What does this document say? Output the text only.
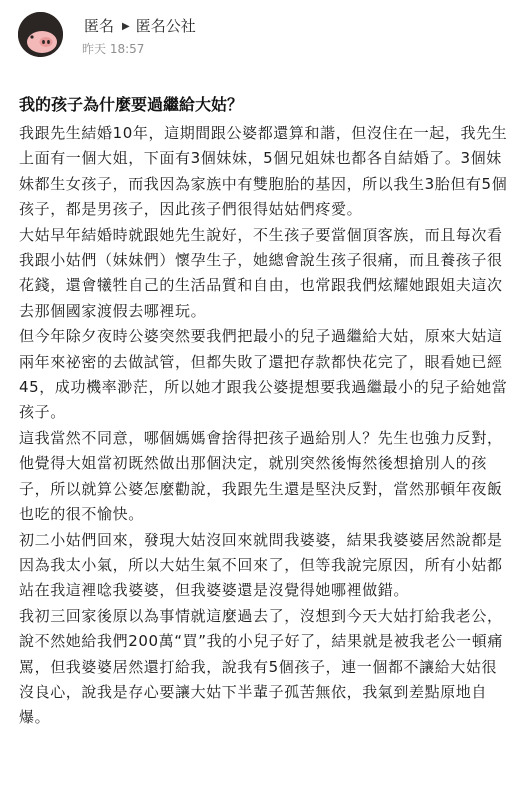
匿名 ▶ 匿名公社
昨天 18:57
我的孩子為什麼要過繼給大姑？

我跟先生結婚10年，這期間跟公婆都還算和諧，但沒住在一起，我先生上面有一個大姐，下面有3個妹妹，5個兄姐妹也都各自結婚了。3個妹妹都生女孩子，而我因為家族中有雙胞胎的基因，所以我生3胎但有5個孩子，都是男孩子，因此孩子們很得姑姑們疼愛。

大姑早年結婚時就跟她先生說好，不生孩子要當個頂客族，而且每次看我跟小姑們（妹妹們）懷孕生子，她總會說生孩子很痛，而且養孩子很花錢，還會犧牲自己的生活品質和自由，也常跟我們炫耀她跟姐夫這次去那個國家渡假去哪裡玩。

但今年除夕夜時公婆突然要我們把最小的兒子過繼給大姑，原來大姑這兩年來祕密的去做試管，但都失敗了還把存款都快花完了，眼看她已經45，成功機率渺茫，所以她才跟我公婆提想要我過繼最小的兒子給她當孩子。

這我當然不同意，哪個媽媽會捨得把孩子過給別人？先生也強力反對，他覺得大姐當初既然做出那個決定，就別突然後悔然後想搶別人的孩子，所以就算公婆怎麼勸說，我跟先生還是堅決反對，當然那頓年夜飯也吃的很不愉快。

初二小姑們回來，發現大姑沒回來就問我婆婆，結果我婆婆居然說都是因為我太小氣，所以大姑生氣不回來了，但等我說完原因，所有小姑都站在我這裡唸我婆婆，但我婆婆還是沒覺得她哪裡做錯。

我初三回家後原以為事情就這麼過去了，沒想到今天大姑打給我老公，說不然她給我們200萬“買”我的小兒子好了，結果就是被我老公一頓痛罵，但我婆婆居然還打給我，說我有5個孩子，連一個都不讓給大姑很沒良心，說我是存心要讓大姑下半輩子孤苦無依，我氣到差點原地自爆。
